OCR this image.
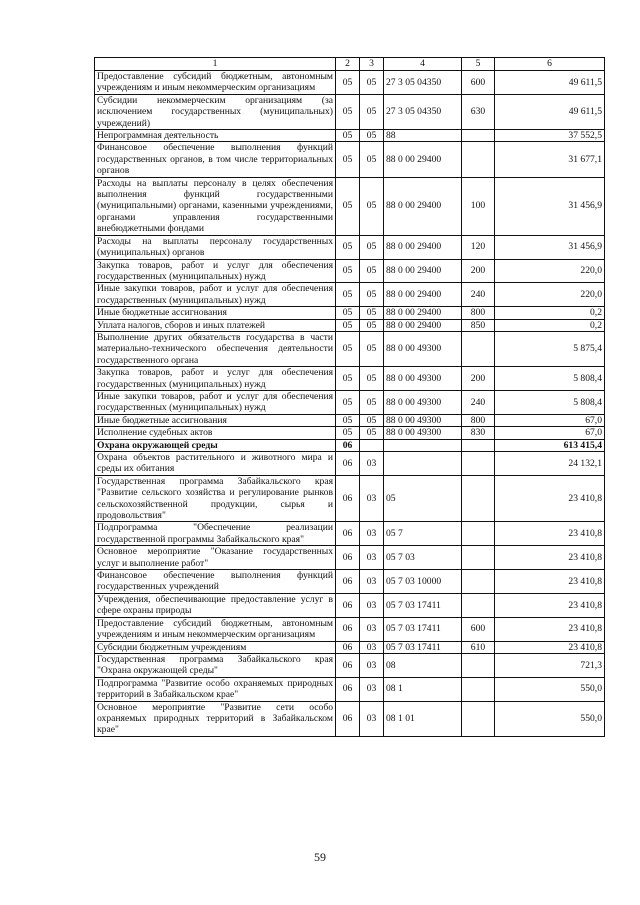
1	2	3	4	5	6
Предоставление субсидий бюджетным, автономным учреждениям и иным некоммерческим организациям	05	05	27 3 05 04350	600	49 611,5
Субсидии некоммерческим организациям (за исключением государственных (муниципальных) учреждений)	05	05	27 3 05 04350	630	49 611,5
Непрограммная деятельность	05	05	88		37 552,5
Финансовое обеспечение выполнения функций государственных органов, в том числе территориальных органов	05	05	88 0 00 29400		31 677,1
Расходы на выплаты персоналу в целях обеспечения выполнения функций государственными (муниципальными) органами, казенными учреждениями, органами управления государственными внебюджетными фондами	05	05	88 0 00 29400	100	31 456,9
Расходы на выплаты персоналу государственных (муниципальных) органов	05	05	88 0 00 29400	120	31 456,9
Закупка товаров, работ и услуг для обеспечения государственных (муниципальных) нужд	05	05	88 0 00 29400	200	220,0
Иные закупки товаров, работ и услуг для обеспечения государственных (муниципальных) нужд	05	05	88 0 00 29400	240	220,0
Иные бюджетные ассигнования	05	05	88 0 00 29400	800	0,2
Уплата налогов, сборов и иных платежей	05	05	88 0 00 29400	850	0,2
Выполнение других обязательств государства в части материально-технического обеспечения деятельности государственного органа	05	05	88 0 00 49300		5 875,4
Закупка товаров, работ и услуг для обеспечения государственных (муниципальных) нужд	05	05	88 0 00 49300	200	5 808,4
Иные закупки товаров, работ и услуг для обеспечения государственных (муниципальных) нужд	05	05	88 0 00 49300	240	5 808,4
Иные бюджетные ассигнования	05	05	88 0 00 49300	800	67,0
Исполнение судебных актов	05	05	88 0 00 49300	830	67,0
Охрана окружающей среды	06				613 415,4
Охрана объектов растительного и животного мира и среды их обитания	06	03			24 132,1
Государственная программа Забайкальского края "Развитие сельского хозяйства и регулирование рынков сельскохозяйственной продукции, сырья и продовольствия"	06	03	05		23 410,8
Подпрограмма "Обеспечение реализации государственной программы Забайкальского края"	06	03	05 7		23 410,8
Основное мероприятие "Оказание государственных услуг и выполнение работ"	06	03	05 7 03		23 410,8
Финансовое обеспечение выполнения функций государственных учреждений	06	03	05 7 03 10000		23 410,8
Учреждения, обеспечивающие предоставление услуг в сфере охраны природы	06	03	05 7 03 17411		23 410,8
Предоставление субсидий бюджетным, автономным учреждениям и иным некоммерческим организациям	06	03	05 7 03 17411	600	23 410,8
Субсидии бюджетным учреждениям	06	03	05 7 03 17411	610	23 410,8
Государственная программа Забайкальского края "Охрана окружающей среды"	06	03	08		721,3
Подпрограмма "Развитие особо охраняемых природных территорий в Забайкальском крае"	06	03	08 1		550,0
Основное мероприятие "Развитие сети особо охраняемых природных территорий в Забайкальском крае"	06	03	08 1 01		550,0
59
